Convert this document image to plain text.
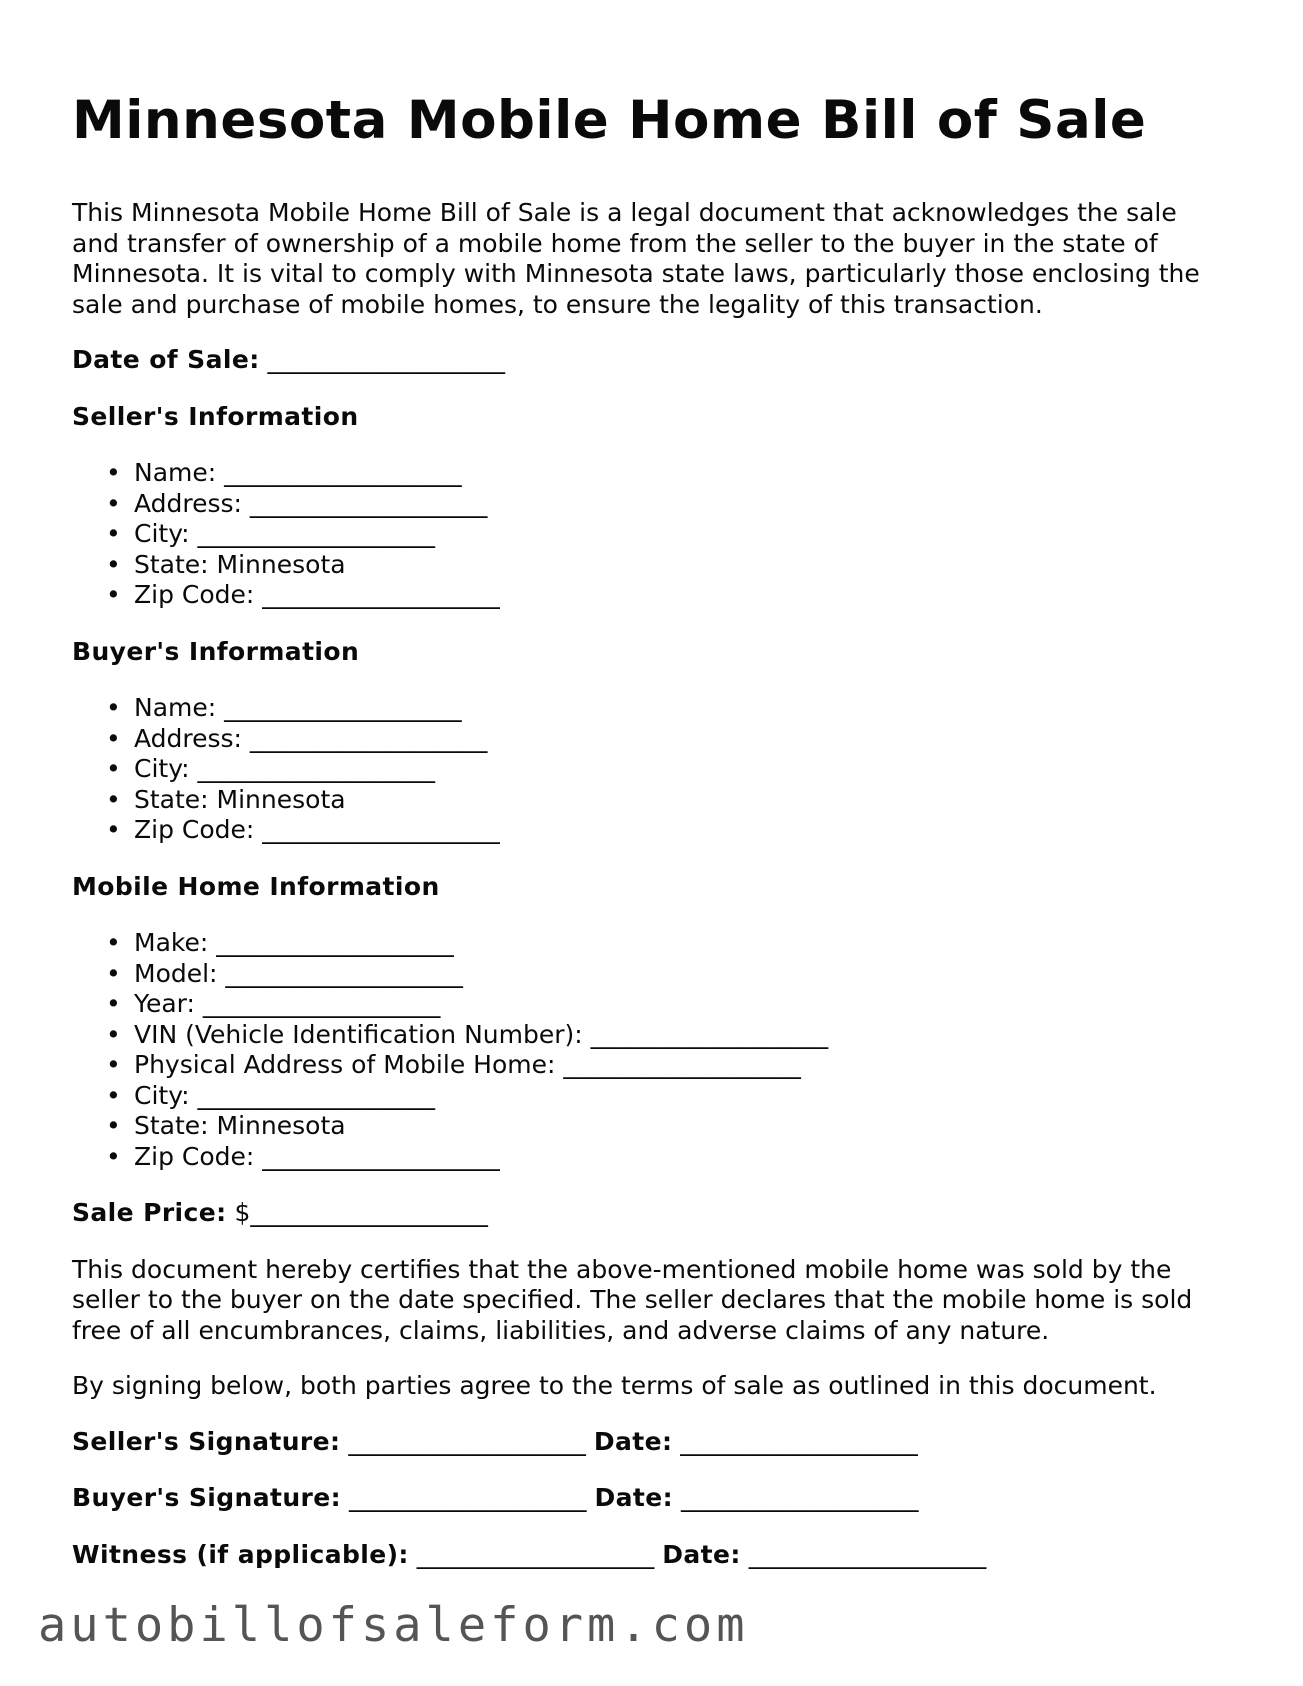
Minnesota Mobile Home Bill of Sale

This Minnesota Mobile Home Bill of Sale is a legal document that acknowledges the sale and transfer of ownership of a mobile home from the seller to the buyer in the state of Minnesota. It is vital to comply with Minnesota state laws, particularly those enclosing the sale and purchase of mobile homes, to ensure the legality of this transaction.

Date of Sale: ___________________
Seller's Information
• Name: ___________________
• Address: ___________________
• City: ___________________
• State: Minnesota
• Zip Code: ___________________
Buyer's Information
• Name: ___________________
• Address: ___________________
• City: ___________________
• State: Minnesota
• Zip Code: ___________________
Mobile Home Information
• Make: ___________________
• Model: ___________________
• Year: ___________________
• VIN (Vehicle Identification Number): ___________________
• Physical Address of Mobile Home: ___________________
• City: ___________________
• State: Minnesota
• Zip Code: ___________________
Sale Price: $___________________

This document hereby certifies that the above-mentioned mobile home was sold by the seller to the buyer on the date specified. The seller declares that the mobile home is sold free of all encumbrances, claims, liabilities, and adverse claims of any nature.

By signing below, both parties agree to the terms of sale as outlined in this document.

Seller's Signature: ___________________ Date: ___________________
Buyer's Signature: ___________________ Date: ___________________
Witness (if applicable): ___________________ Date: ___________________
autobillofsaleform.com
